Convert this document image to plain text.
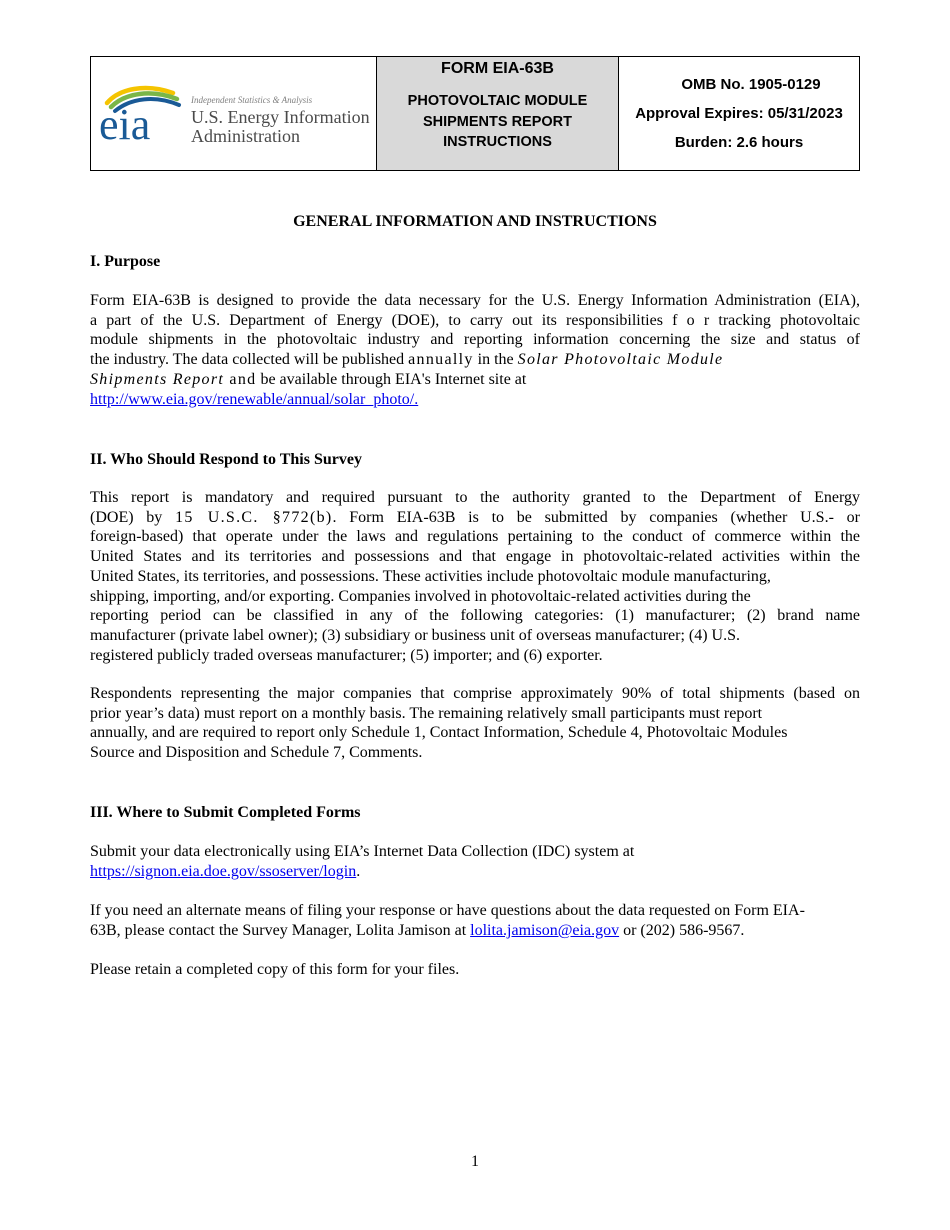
eia	Independent Statistics & Analysis
U.S. Energy Information
Administration
FORM EIA-63B
PHOTOVOLTAIC MODULE
SHIPMENTS REPORT
INSTRUCTIONS
OMB No. 1905-0129
Approval Expires: 05/31/2023
Burden: 2.6 hours
GENERAL INFORMATION AND INSTRUCTIONS
I. Purpose
Form EIA-63B is designed to provide the data necessary for the U.S. Energy Information Administration (EIA),
a part of the U.S. Department of Energy (DOE), to carry out its responsibilities f o r tracking photovoltaic
module shipments in the photovoltaic industry and reporting information concerning the size and status of
the industry. The data collected will be published annually in the Solar Photovoltaic Module
Shipments Report and be available through EIA's Internet site at
http://www.eia.gov/renewable/annual/solar_photo/.
II. Who Should Respond to This Survey
This report is mandatory and required pursuant to the authority granted to the Department of Energy
(DOE) by 15 U.S.C. §772(b). Form EIA-63B is to be submitted by companies (whether U.S.- or
foreign-based) that operate under the laws and regulations pertaining to the conduct of commerce within the
United States and its territories and possessions and that engage in photovoltaic-related activities within the
United States, its territories, and possessions. These activities include photovoltaic module manufacturing,
shipping, importing, and/or exporting. Companies involved in photovoltaic-related activities during the
reporting period can be classified in any of the following categories: (1) manufacturer; (2) brand name
manufacturer (private label owner); (3) subsidiary or business unit of overseas manufacturer; (4) U.S.
registered publicly traded overseas manufacturer; (5) importer; and (6) exporter.
Respondents representing the major companies that comprise approximately 90% of total shipments (based on
prior year’s data) must report on a monthly basis. The remaining relatively small participants must report
annually, and are required to report only Schedule 1, Contact Information, Schedule 4, Photovoltaic Modules
Source and Disposition and Schedule 7, Comments.
III. Where to Submit Completed Forms
Submit your data electronically using EIA’s Internet Data Collection (IDC) system at
https://signon.eia.doe.gov/ssoserver/login.
If you need an alternate means of filing your response or have questions about the data requested on Form EIA-
63B, please contact the Survey Manager, Lolita Jamison at lolita.jamison@eia.gov or (202) 586-9567.
Please retain a completed copy of this form for your files.
1
